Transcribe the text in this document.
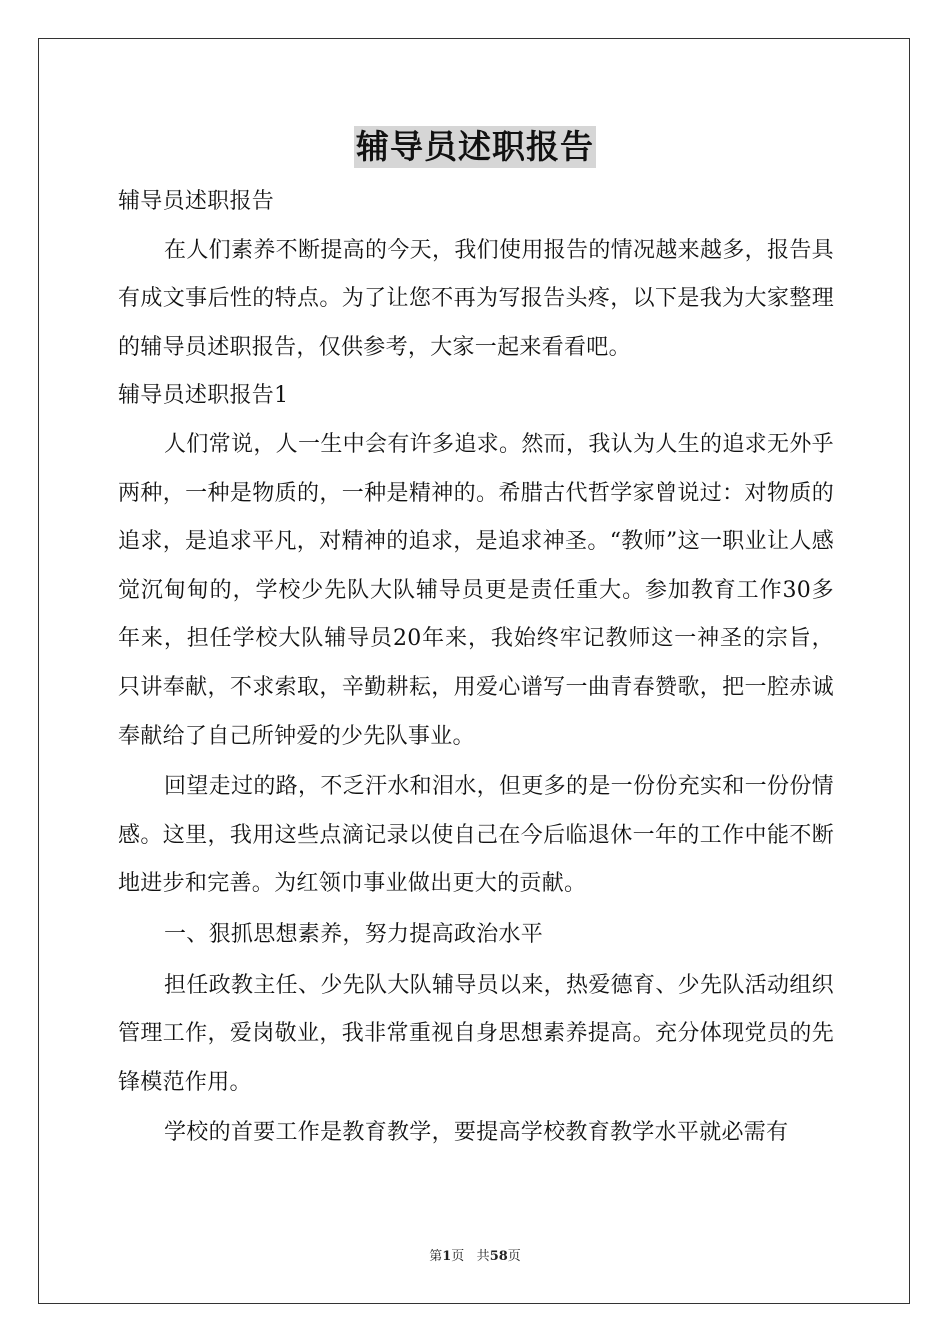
辅导员述职报告

辅导员述职报告

在人们素养不断提高的今天，我们使用报告的情况越来越多，报告具有成文事后性的特点。为了让您不再为写报告头疼，以下是我为大家整理的辅导员述职报告，仅供参考，大家一起来看看吧。

辅导员述职报告1

人们常说，人一生中会有许多追求。然而，我认为人生的追求无外乎两种，一种是物质的，一种是精神的。希腊古代哲学家曾说过：对物质的追求，是追求平凡，对精神的追求，是追求神圣。“教师”这一职业让人感觉沉甸甸的，学校少先队大队辅导员更是责任重大。参加教育工作30多年来，担任学校大队辅导员20年来，我始终牢记教师这一神圣的宗旨，只讲奉献，不求索取，辛勤耕耘，用爱心谱写一曲青春赞歌，把一腔赤诚奉献给了自己所钟爱的少先队事业。

回望走过的路，不乏汗水和泪水，但更多的是一份份充实和一份份情感。这里，我用这些点滴记录以使自己在今后临退休一年的工作中能不断地进步和完善。为红领巾事业做出更大的贡献。

一、狠抓思想素养，努力提高政治水平

担任政教主任、少先队大队辅导员以来，热爱德育、少先队活动组织管理工作，爱岗敬业，我非常重视自身思想素养提高。充分体现党员的先锋模范作用。

学校的首要工作是教育教学，要提高学校教育教学水平就必需有

第1页 共58页
